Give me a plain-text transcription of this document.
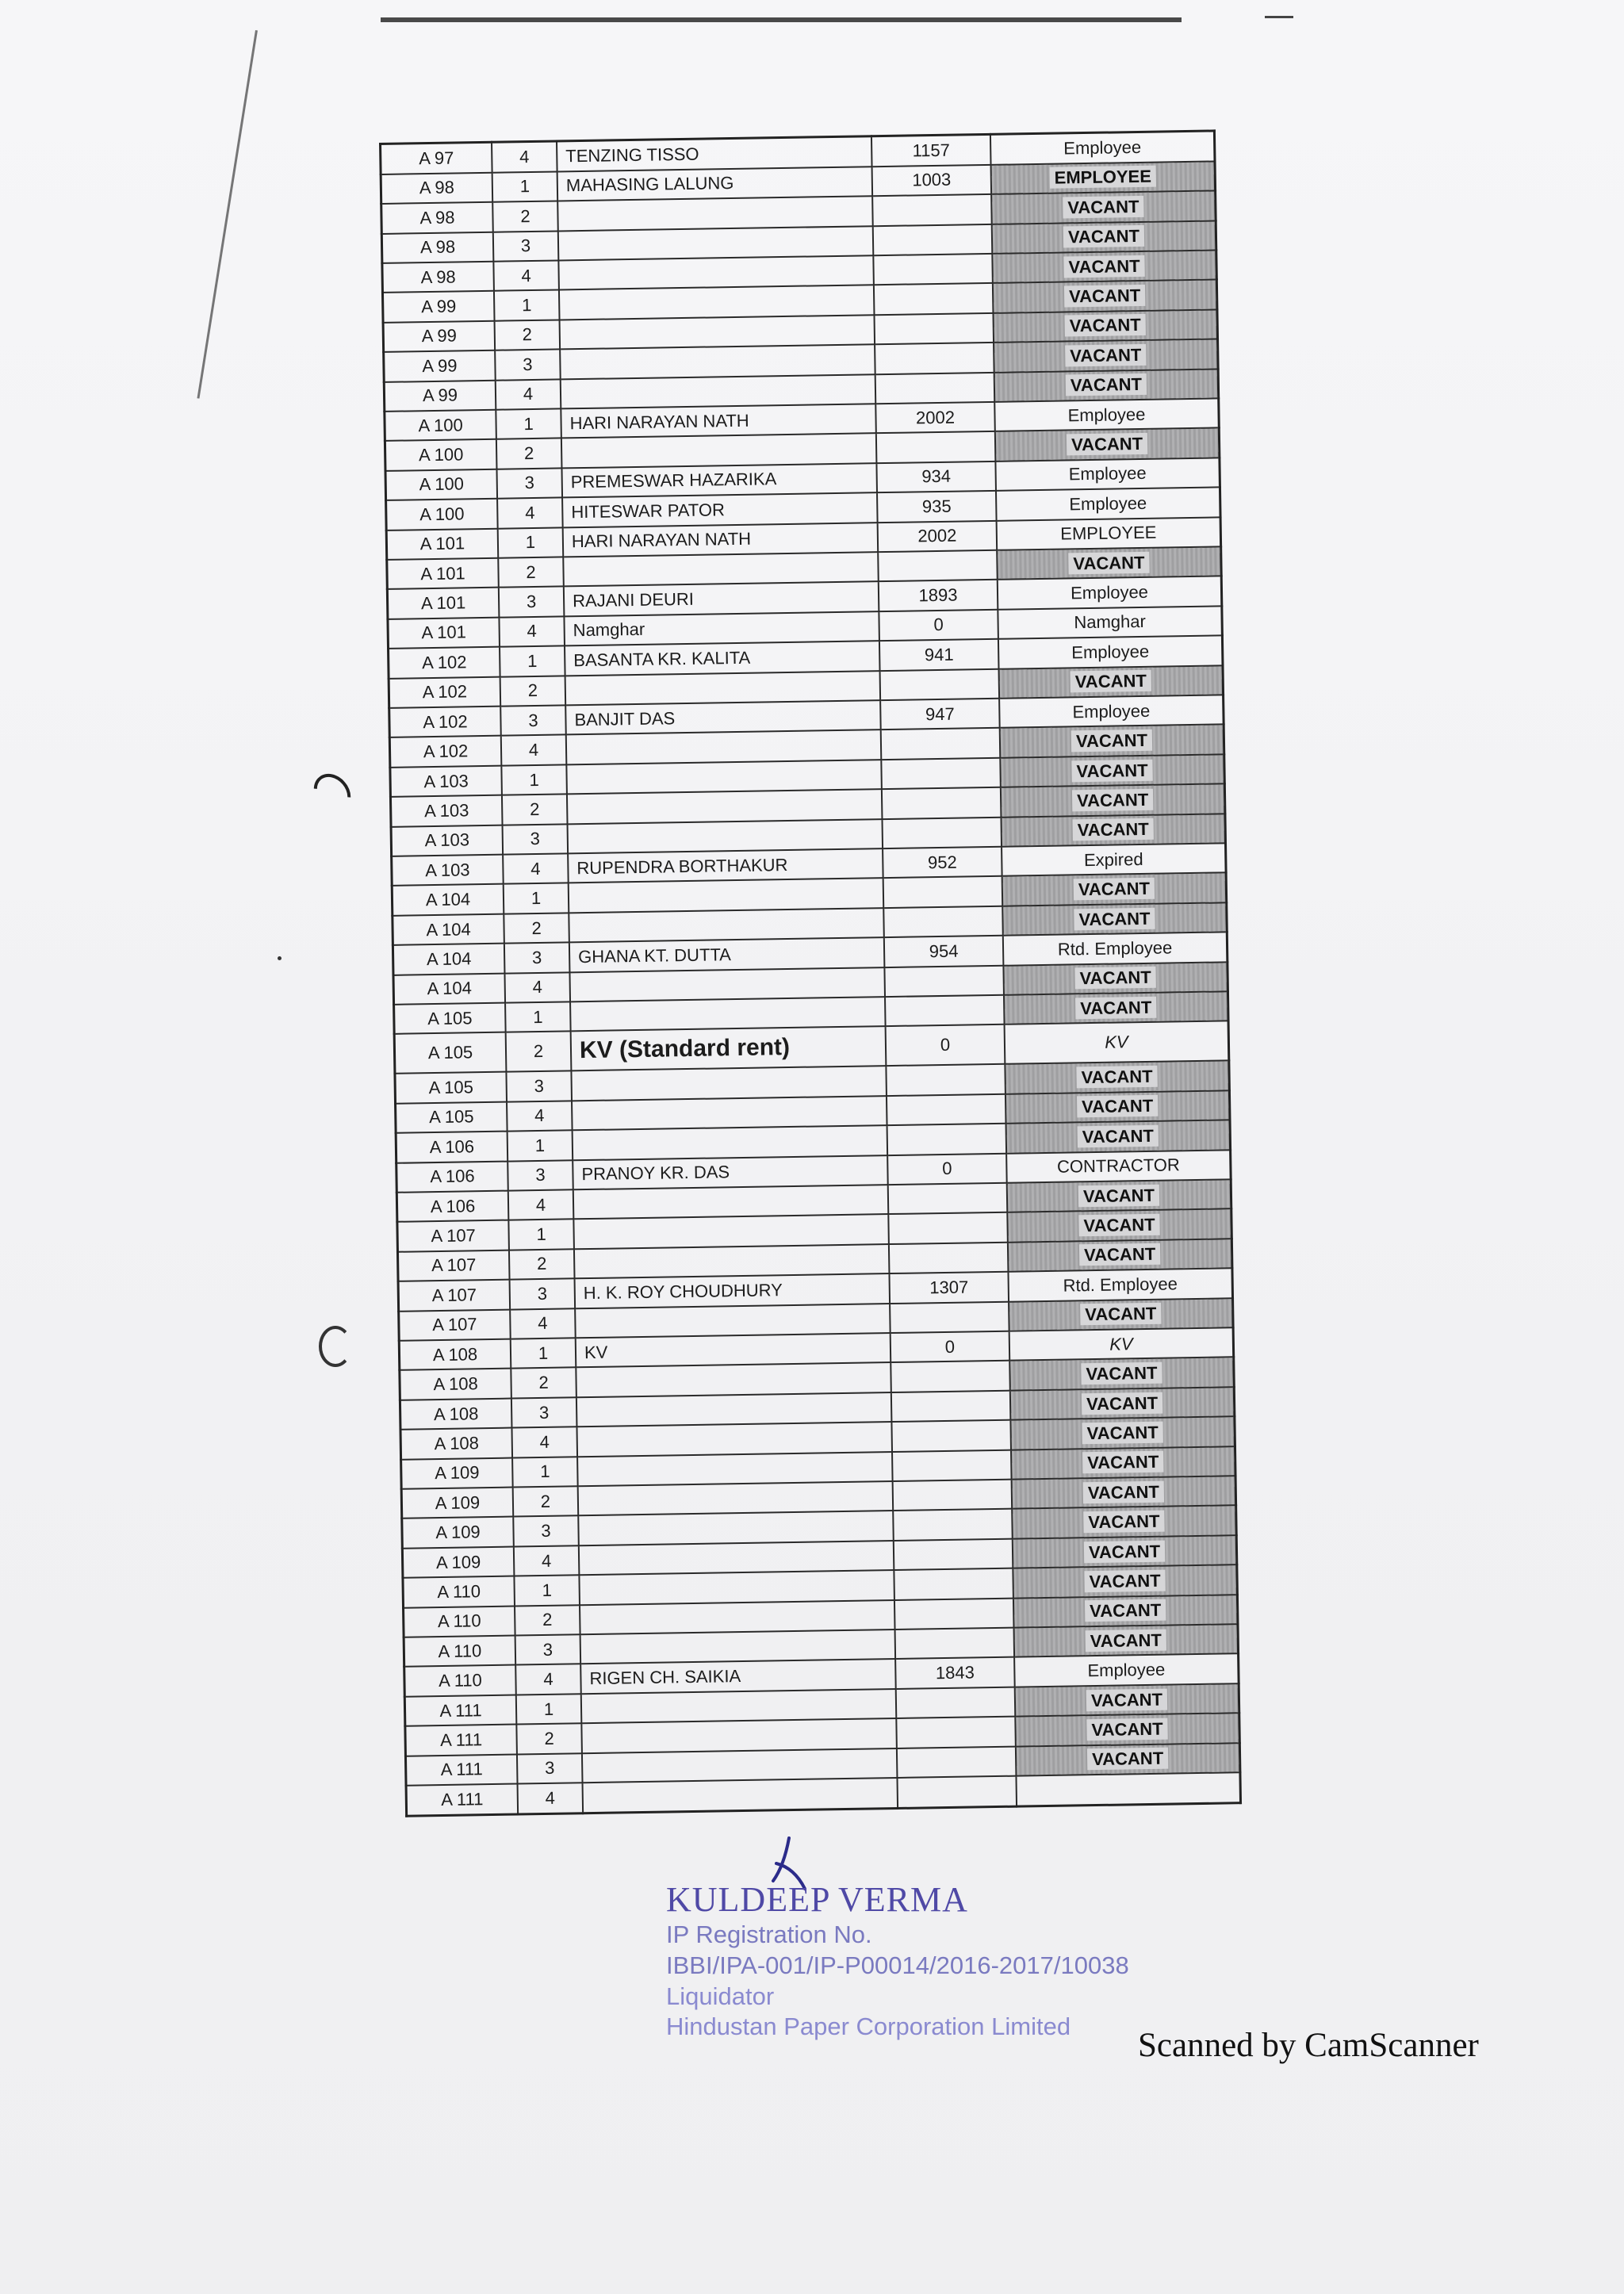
A 97	4	TENZING TISSO	1157	Employee
A 98	1	MAHASING LALUNG	1003	EMPLOYEE
A 98	2			VACANT
A 98	3			VACANT
A 98	4			VACANT
A 99	1			VACANT
A 99	2			VACANT
A 99	3			VACANT
A 99	4			VACANT
A 100	1	HARI NARAYAN NATH	2002	Employee
A 100	2			VACANT
A 100	3	PREMESWAR HAZARIKA	934	Employee
A 100	4	HITESWAR PATOR	935	Employee
A 101	1	HARI NARAYAN NATH	2002	EMPLOYEE
A 101	2			VACANT
A 101	3	RAJANI DEURI	1893	Employee
A 101	4	Namghar	0	Namghar
A 102	1	BASANTA KR. KALITA	941	Employee
A 102	2			VACANT
A 102	3	BANJIT DAS	947	Employee
A 102	4			VACANT
A 103	1			VACANT
A 103	2			VACANT
A 103	3			VACANT
A 103	4	RUPENDRA BORTHAKUR	952	Expired
A 104	1			VACANT
A 104	2			VACANT
A 104	3	GHANA KT. DUTTA	954	Rtd. Employee
A 104	4			VACANT
A 105	1			VACANT
A 105	2	KV (Standard rent)	0	KV
A 105	3			VACANT
A 105	4			VACANT
A 106	1			VACANT
A 106	3	PRANOY KR. DAS	0	CONTRACTOR
A 106	4			VACANT
A 107	1			VACANT
A 107	2			VACANT
A 107	3	H. K. ROY CHOUDHURY	1307	Rtd. Employee
A 107	4			VACANT
A 108	1	KV	0	KV
A 108	2			VACANT
A 108	3			VACANT
A 108	4			VACANT
A 109	1			VACANT
A 109	2			VACANT
A 109	3			VACANT
A 109	4			VACANT
A 110	1			VACANT
A 110	2			VACANT
A 110	3			VACANT
A 110	4	RIGEN CH. SAIKIA	1843	Employee
A 111	1			VACANT
A 111	2			VACANT
A 111	3			VACANT
A 111	4			
KULDEEP VERMA
IP Registration No.
IBBI/IPA-001/IP-P00014/2016-2017/10038
Liquidator
Hindustan Paper Corporation Limited
Scanned by CamScanner
